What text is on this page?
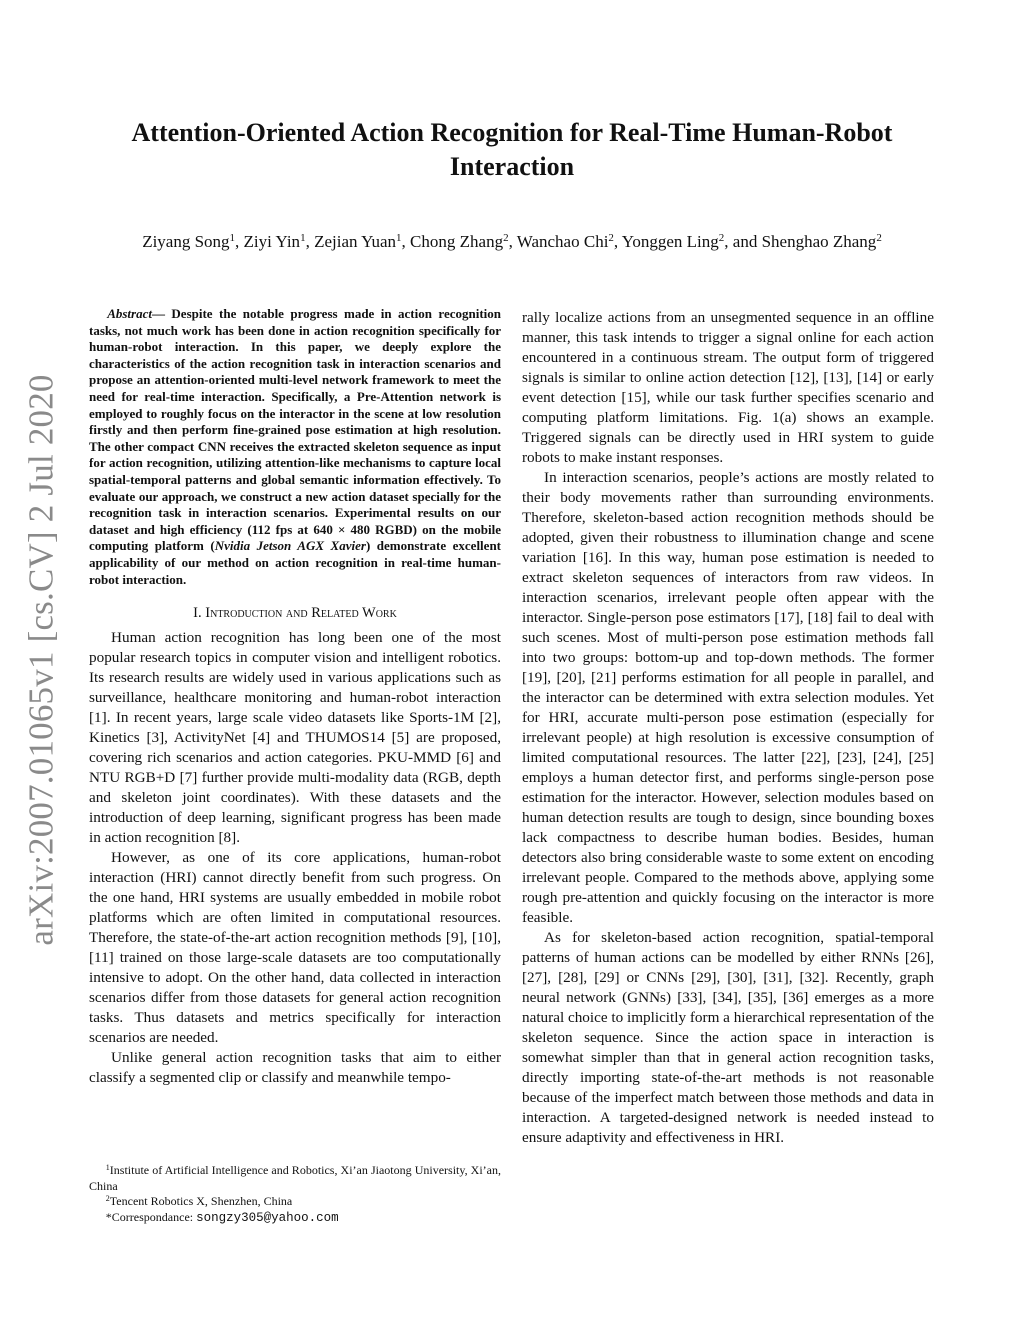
arXiv:2007.01065v1 [cs.CV] 2 Jul 2020
Attention-Oriented Action Recognition for Real-Time Human-Robot
Interaction
Ziyang Song$^1$, Ziyi Yin$^1$, Zejian Yuan$^1$, Chong Zhang$^2$, Wanchao Chi$^2$, Yonggen Ling$^2$, and Shenghao Zhang$^2$

Abstract— Despite the notable progress made in action recognition tasks, not much work has been done in action recognition specifically for human-robot interaction. In this paper, we deeply explore the characteristics of the action recognition task in interaction scenarios and propose an attention-oriented multi-level network framework to meet the need for real-time interaction. Specifically, a Pre-Attention network is employed to roughly focus on the interactor in the scene at low resolution firstly and then perform fine-grained pose estimation at high resolution. The other compact CNN receives the extracted skeleton sequence as input for action recognition, utilizing attention-like mechanisms to capture local spatial-temporal patterns and global semantic information effectively. To evaluate our approach, we construct a new action dataset specially for the recognition task in interaction scenarios. Experimental results on our dataset and high efficiency (112 fps at 640 × 480 RGBD) on the mobile computing platform (Nvidia Jetson AGX Xavier) demonstrate excellent applicability of our method on action recognition in real-time human-robot interaction.

I. Introduction and Related Work

Human action recognition has long been one of the most popular research topics in computer vision and intelligent robotics. Its research results are widely used in various applications such as surveillance, healthcare monitoring and human-robot interaction [1]. In recent years, large scale video datasets like Sports-1M [2], Kinetics [3], ActivityNet [4] and THUMOS14 [5] are proposed, covering rich scenarios and action categories. PKU-MMD [6] and NTU RGB+D [7] further provide multi-modality data (RGB, depth and skeleton joint coordinates). With these datasets and the introduction of deep learning, significant progress has been made in action recognition [8].

However, as one of its core applications, human-robot interaction (HRI) cannot directly benefit from such progress. On the one hand, HRI systems are usually embedded in mobile robot platforms which are often limited in computational resources. Therefore, the state-of-the-art action recognition methods [9], [10], [11] trained on those large-scale datasets are too computationally intensive to adopt. On the other hand, data collected in interaction scenarios differ from those datasets for general action recognition tasks. Thus datasets and metrics specifically for interaction scenarios are needed.

Unlike general action recognition tasks that aim to either classify a segmented clip or classify and meanwhile tempo-

$^1$Institute of Artificial Intelligence and Robotics, Xi’an Jiaotong University, Xi’an, China
$^2$Tencent Robotics X, Shenzhen, China
*Correspondance: songzy305@yahoo.com

rally localize actions from an unsegmented sequence in an offline manner, this task intends to trigger a signal online for each action encountered in a continuous stream. The output form of triggered signals is similar to online action detection [12], [13], [14] or early event detection [15], while our task further specifies scenario and computing platform limitations. Fig. 1(a) shows an example. Triggered signals can be directly used in HRI system to guide robots to make instant responses.

In interaction scenarios, people’s actions are mostly related to their body movements rather than surrounding environments. Therefore, skeleton-based action recognition methods should be adopted, given their robustness to illumination change and scene variation [16]. In this way, human pose estimation is needed to extract skeleton sequences of interactors from raw videos. In interaction scenarios, irrelevant people often appear with the interactor. Single-person pose estimators [17], [18] fail to deal with such scenes. Most of multi-person pose estimation methods fall into two groups: bottom-up and top-down methods. The former [19], [20], [21] performs estimation for all people in parallel, and the interactor can be determined with extra selection modules. Yet for HRI, accurate multi-person pose estimation (especially for irrelevant people) at high resolution is excessive consumption of limited computational resources. The latter [22], [23], [24], [25] employs a human detector first, and performs single-person pose estimation for the interactor. However, selection modules based on human detection results are tough to design, since bounding boxes lack compactness to describe human bodies. Besides, human detectors also bring considerable waste to some extent on encoding irrelevant people. Compared to the methods above, applying some rough pre-attention and quickly focusing on the interactor is more feasible.

As for skeleton-based action recognition, spatial-temporal patterns of human actions can be modelled by either RNNs [26], [27], [28], [29] or CNNs [29], [30], [31], [32]. Recently, graph neural network (GNNs) [33], [34], [35], [36] emerges as a more natural choice to implicitly form a hierarchical representation of the skeleton sequence. Since the action space in interaction is somewhat simpler than that in general action recognition tasks, directly importing state-of-the-art methods is not reasonable because of the imperfect match between those methods and data in interaction. A targeted-designed network is needed instead to ensure adaptivity and effectiveness in HRI.
